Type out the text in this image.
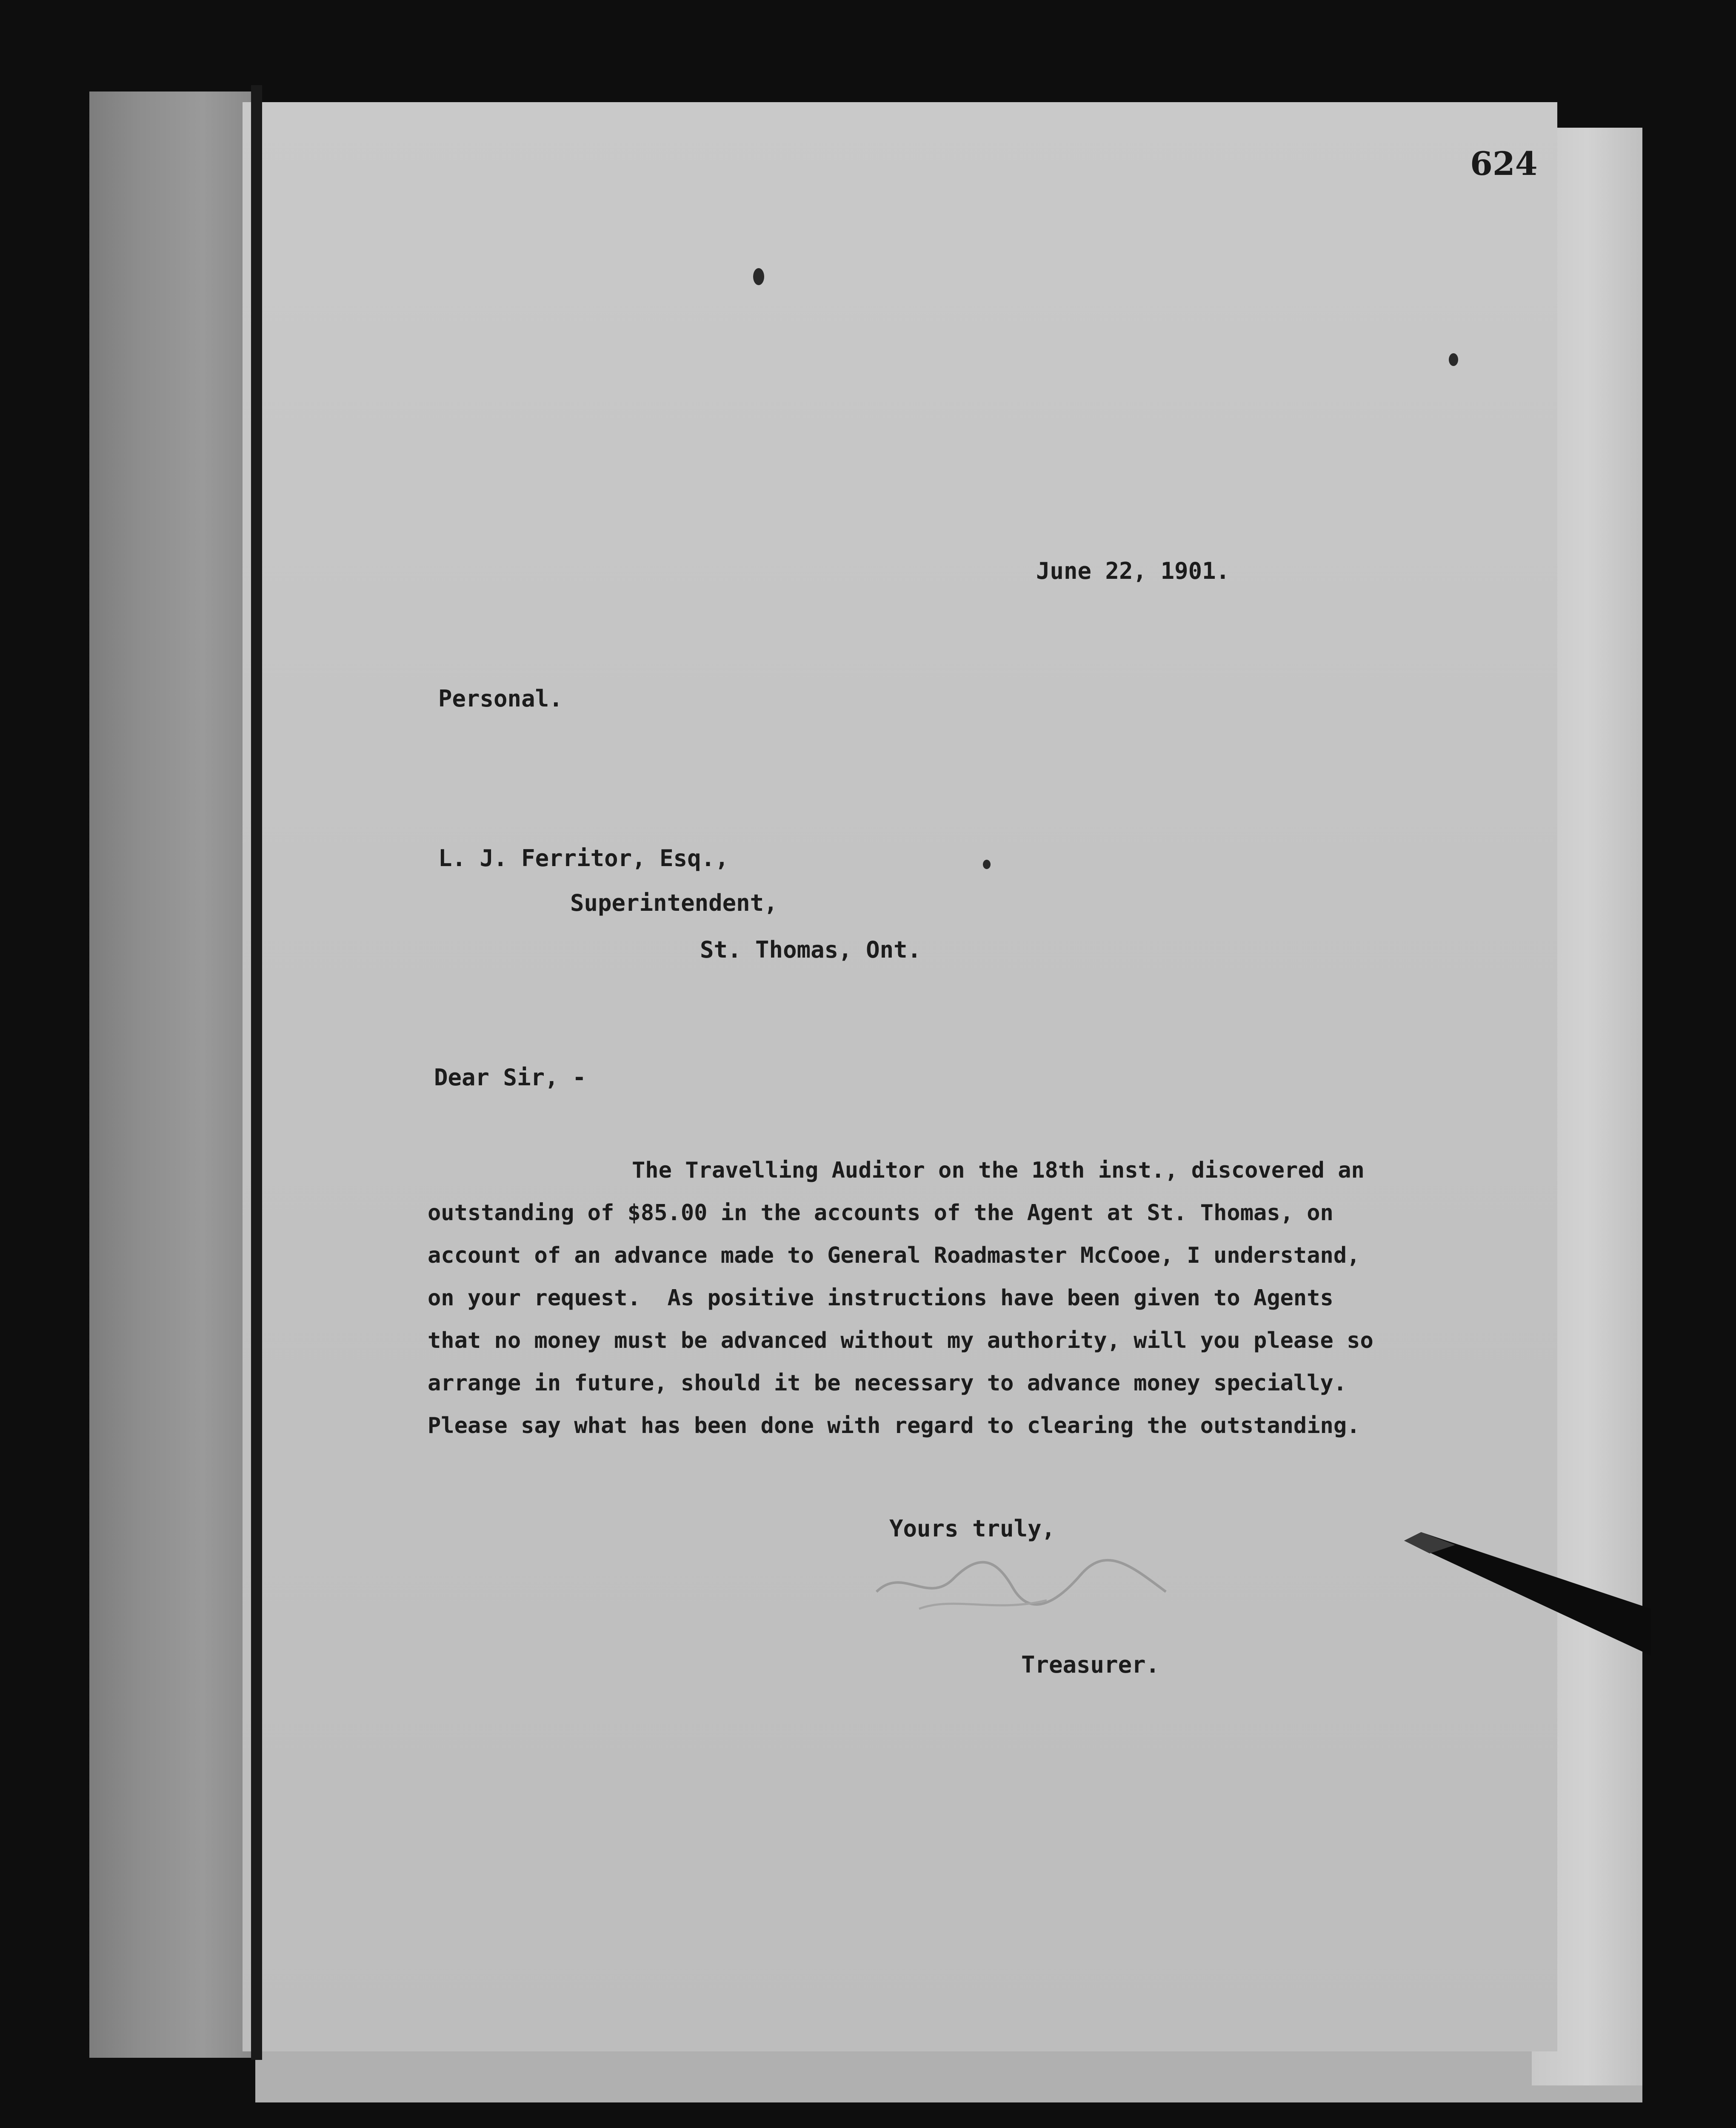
624
June 22, 1901.
Personal.
L. J. Ferritor, Esq.,
Superintendent,
St. Thomas, Ont.
Dear Sir, -
The Travelling Auditor on the 18th inst., discovered an
outstanding of $85.00 in the accounts of the Agent at St. Thomas, on
account of an advance made to General Roadmaster McCooe, I understand,
on your request.  As positive instructions have been given to Agents
that no money must be advanced without my authority, will you please so
arrange in future, should it be necessary to advance money specially.
Please say what has been done with regard to clearing the outstanding.
Yours truly,
Treasurer.
